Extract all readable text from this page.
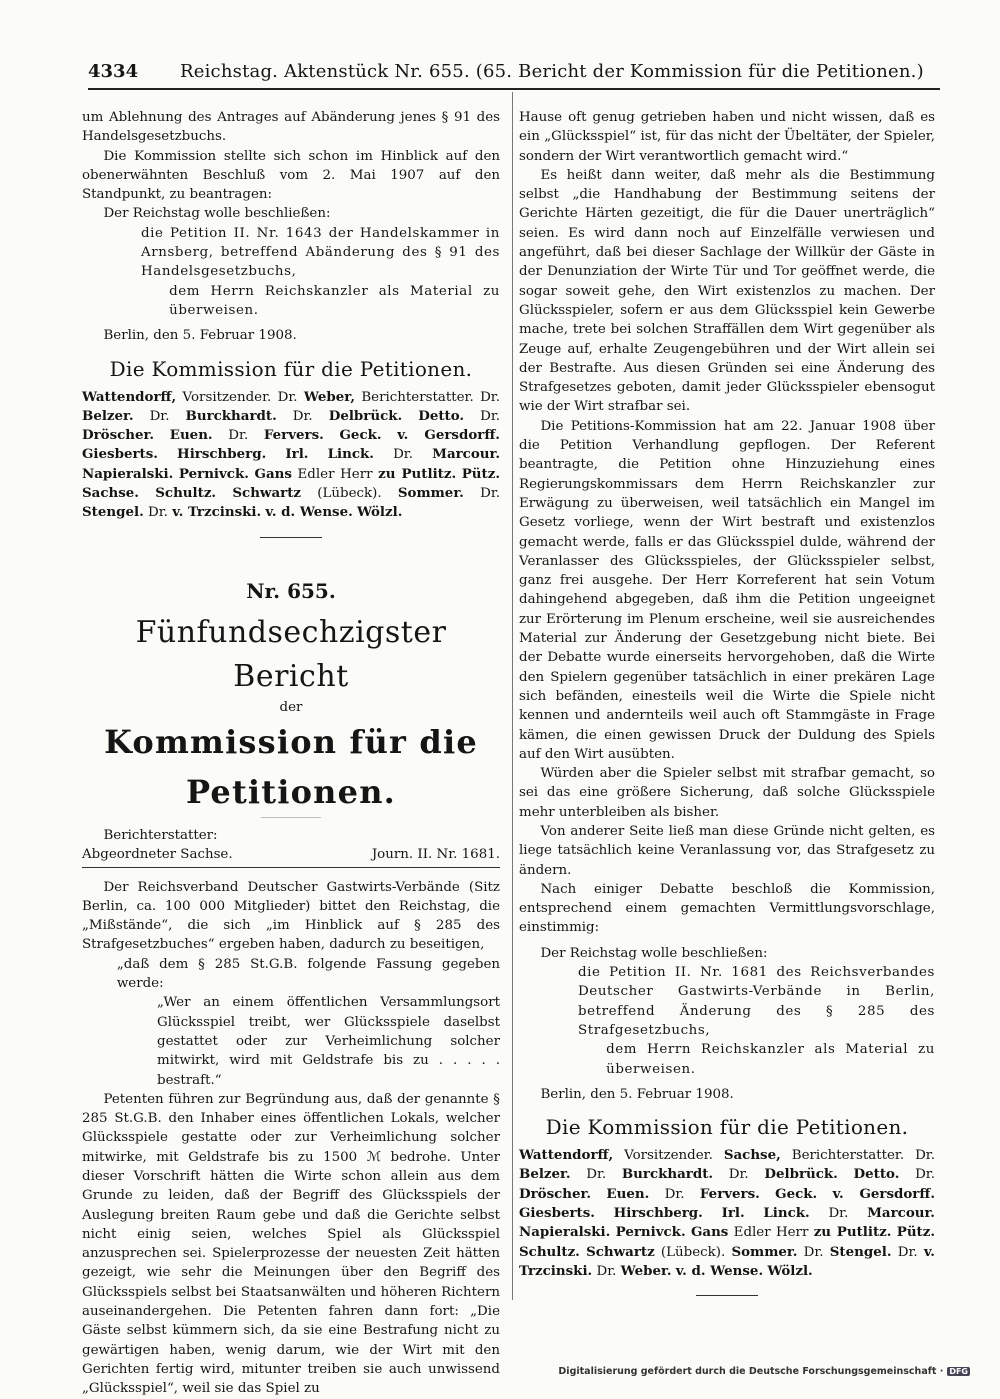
4334 Reichstag. Aktenstück Nr. 655. (65. Bericht der Kommission für die Petitionen.)

um Ablehnung des Antrages auf Abänderung jenes § 91 des Handelsgesetzbuchs.

Die Kommission stellte sich schon im Hinblick auf den obenerwähnten Beschluß vom 2. Mai 1907 auf den Standpunkt, zu beantragen:

Der Reichstag wolle beschließen:

die Petition II. Nr. 1643 der Handelskammer in Arnsberg, betreffend Abänderung des § 91 des Handelsgesetzbuchs,

dem Herrn Reichskanzler als Material zu überweisen.

Berlin, den 5. Februar 1908.

Die Kommission für die Petitionen.

Wattendorff, Vorsitzender. Dr. Weber, Berichterstatter. Dr. Belzer. Dr. Burckhardt. Dr. Delbrück. Detto. Dr. Dröscher. Euen. Dr. Fervers. Geck. v. Gersdorff. Giesberts. Hirschberg. Irl. Linck. Dr. Marcour. Napieralski. Pernivck. Gans Edler Herr zu Putlitz. Pütz. Sachse. Schultz. Schwartz (Lübeck). Sommer. Dr. Stengel. Dr. v. Trzcinski. v. d. Wense. Wölzl.

Nr. 655.
Fünfundsechzigster Bericht
der
Kommission für die Petitionen.

Berichterstatter:

Abgeordneter Sachse.	Journ. II. Nr. 1681.

Der Reichsverband Deutscher Gastwirts-Verbände (Sitz Berlin, ca. 100 000 Mitglieder) bittet den Reichstag, die „Mißstände“, die sich „im Hinblick auf § 285 des Strafgesetzbuches“ ergeben haben, dadurch zu beseitigen,

„daß dem § 285 St.G.B. folgende Fassung gegeben werde:

„Wer an einem öffentlichen Versammlungsort Glücksspiel treibt, wer Glücksspiele daselbst gestattet oder zur Verheimlichung solcher mitwirkt, wird mit Geldstrafe bis zu . . . . . bestraft.“

Petenten führen zur Begründung aus, daß der genannte § 285 St.G.B. den Inhaber eines öffentlichen Lokals, welcher Glücksspiele gestatte oder zur Verheimlichung solcher mitwirke, mit Geldstrafe bis zu 1500 ℳ bedrohe. Unter dieser Vorschrift hätten die Wirte schon allein aus dem Grunde zu leiden, daß der Begriff des Glücksspiels der Auslegung breiten Raum gebe und daß die Gerichte selbst nicht einig seien, welches Spiel als Glücksspiel anzusprechen sei. Spielerprozesse der neuesten Zeit hätten gezeigt, wie sehr die Meinungen über den Begriff des Glücksspiels selbst bei Staatsanwälten und höheren Richtern auseinandergehen. Die Petenten fahren dann fort: „Die Gäste selbst kümmern sich, da sie eine Bestrafung nicht zu gewärtigen haben, wenig darum, wie der Wirt mit den Gerichten fertig wird, mitunter treiben sie auch unwissend „Glücksspiel“, weil sie das Spiel zu

Hause oft genug getrieben haben und nicht wissen, daß es ein „Glücksspiel“ ist, für das nicht der Übeltäter, der Spieler, sondern der Wirt verantwortlich gemacht wird.“

Es heißt dann weiter, daß mehr als die Bestimmung selbst „die Handhabung der Bestimmung seitens der Gerichte Härten gezeitigt, die für die Dauer unerträglich“ seien. Es wird dann noch auf Einzelfälle verwiesen und angeführt, daß bei dieser Sachlage der Willkür der Gäste in der Denunziation der Wirte Tür und Tor geöffnet werde, die sogar soweit gehe, den Wirt existenzlos zu machen. Der Glücksspieler, sofern er aus dem Glücksspiel kein Gewerbe mache, trete bei solchen Straffällen dem Wirt gegenüber als Zeuge auf, erhalte Zeugengebühren und der Wirt allein sei der Bestrafte. Aus diesen Gründen sei eine Änderung des Strafgesetzes geboten, damit jeder Glücksspieler ebensogut wie der Wirt strafbar sei.

Die Petitions-Kommission hat am 22. Januar 1908 über die Petition Verhandlung gepflogen. Der Referent beantragte, die Petition ohne Hinzuziehung eines Regierungskommissars dem Herrn Reichskanzler zur Erwägung zu überweisen, weil tatsächlich ein Mangel im Gesetz vorliege, wenn der Wirt bestraft und existenzlos gemacht werde, falls er das Glücksspiel dulde, während der Veranlasser des Glücksspieles, der Glücksspieler selbst, ganz frei ausgehe. Der Herr Korreferent hat sein Votum dahingehend abgegeben, daß ihm die Petition ungeeignet zur Erörterung im Plenum erscheine, weil sie ausreichendes Material zur Änderung der Gesetzgebung nicht biete. Bei der Debatte wurde einerseits hervorgehoben, daß die Wirte den Spielern gegenüber tatsächlich in einer prekären Lage sich befänden, einesteils weil die Wirte die Spiele nicht kennen und andernteils weil auch oft Stammgäste in Frage kämen, die einen gewissen Druck der Duldung des Spiels auf den Wirt ausübten.

Würden aber die Spieler selbst mit strafbar gemacht, so sei das eine größere Sicherung, daß solche Glücksspiele mehr unterbleiben als bisher.

Von anderer Seite ließ man diese Gründe nicht gelten, es liege tatsächlich keine Veranlassung vor, das Strafgesetz zu ändern.

Nach einiger Debatte beschloß die Kommission, entsprechend einem gemachten Vermittlungsvorschlage, einstimmig:

Der Reichstag wolle beschließen:

die Petition II. Nr. 1681 des Reichsverbandes Deutscher Gastwirts-Verbände in Berlin, betreffend Änderung des § 285 des Strafgesetzbuchs,

dem Herrn Reichskanzler als Material zu überweisen.

Berlin, den 5. Februar 1908.

Die Kommission für die Petitionen.

Wattendorff, Vorsitzender. Sachse, Berichterstatter. Dr. Belzer. Dr. Burckhardt. Dr. Delbrück. Detto. Dr. Dröscher. Euen. Dr. Fervers. Geck. v. Gersdorff. Giesberts. Hirschberg. Irl. Linck. Dr. Marcour. Napieralski. Pernivck. Gans Edler Herr zu Putlitz. Pütz. Schultz. Schwartz (Lübeck). Sommer. Dr. Stengel. Dr. v. Trzcinski. Dr. Weber. v. d. Wense. Wölzl.

Digitalisierung gefördert durch die Deutsche Forschungsgemeinschaft · DFG
